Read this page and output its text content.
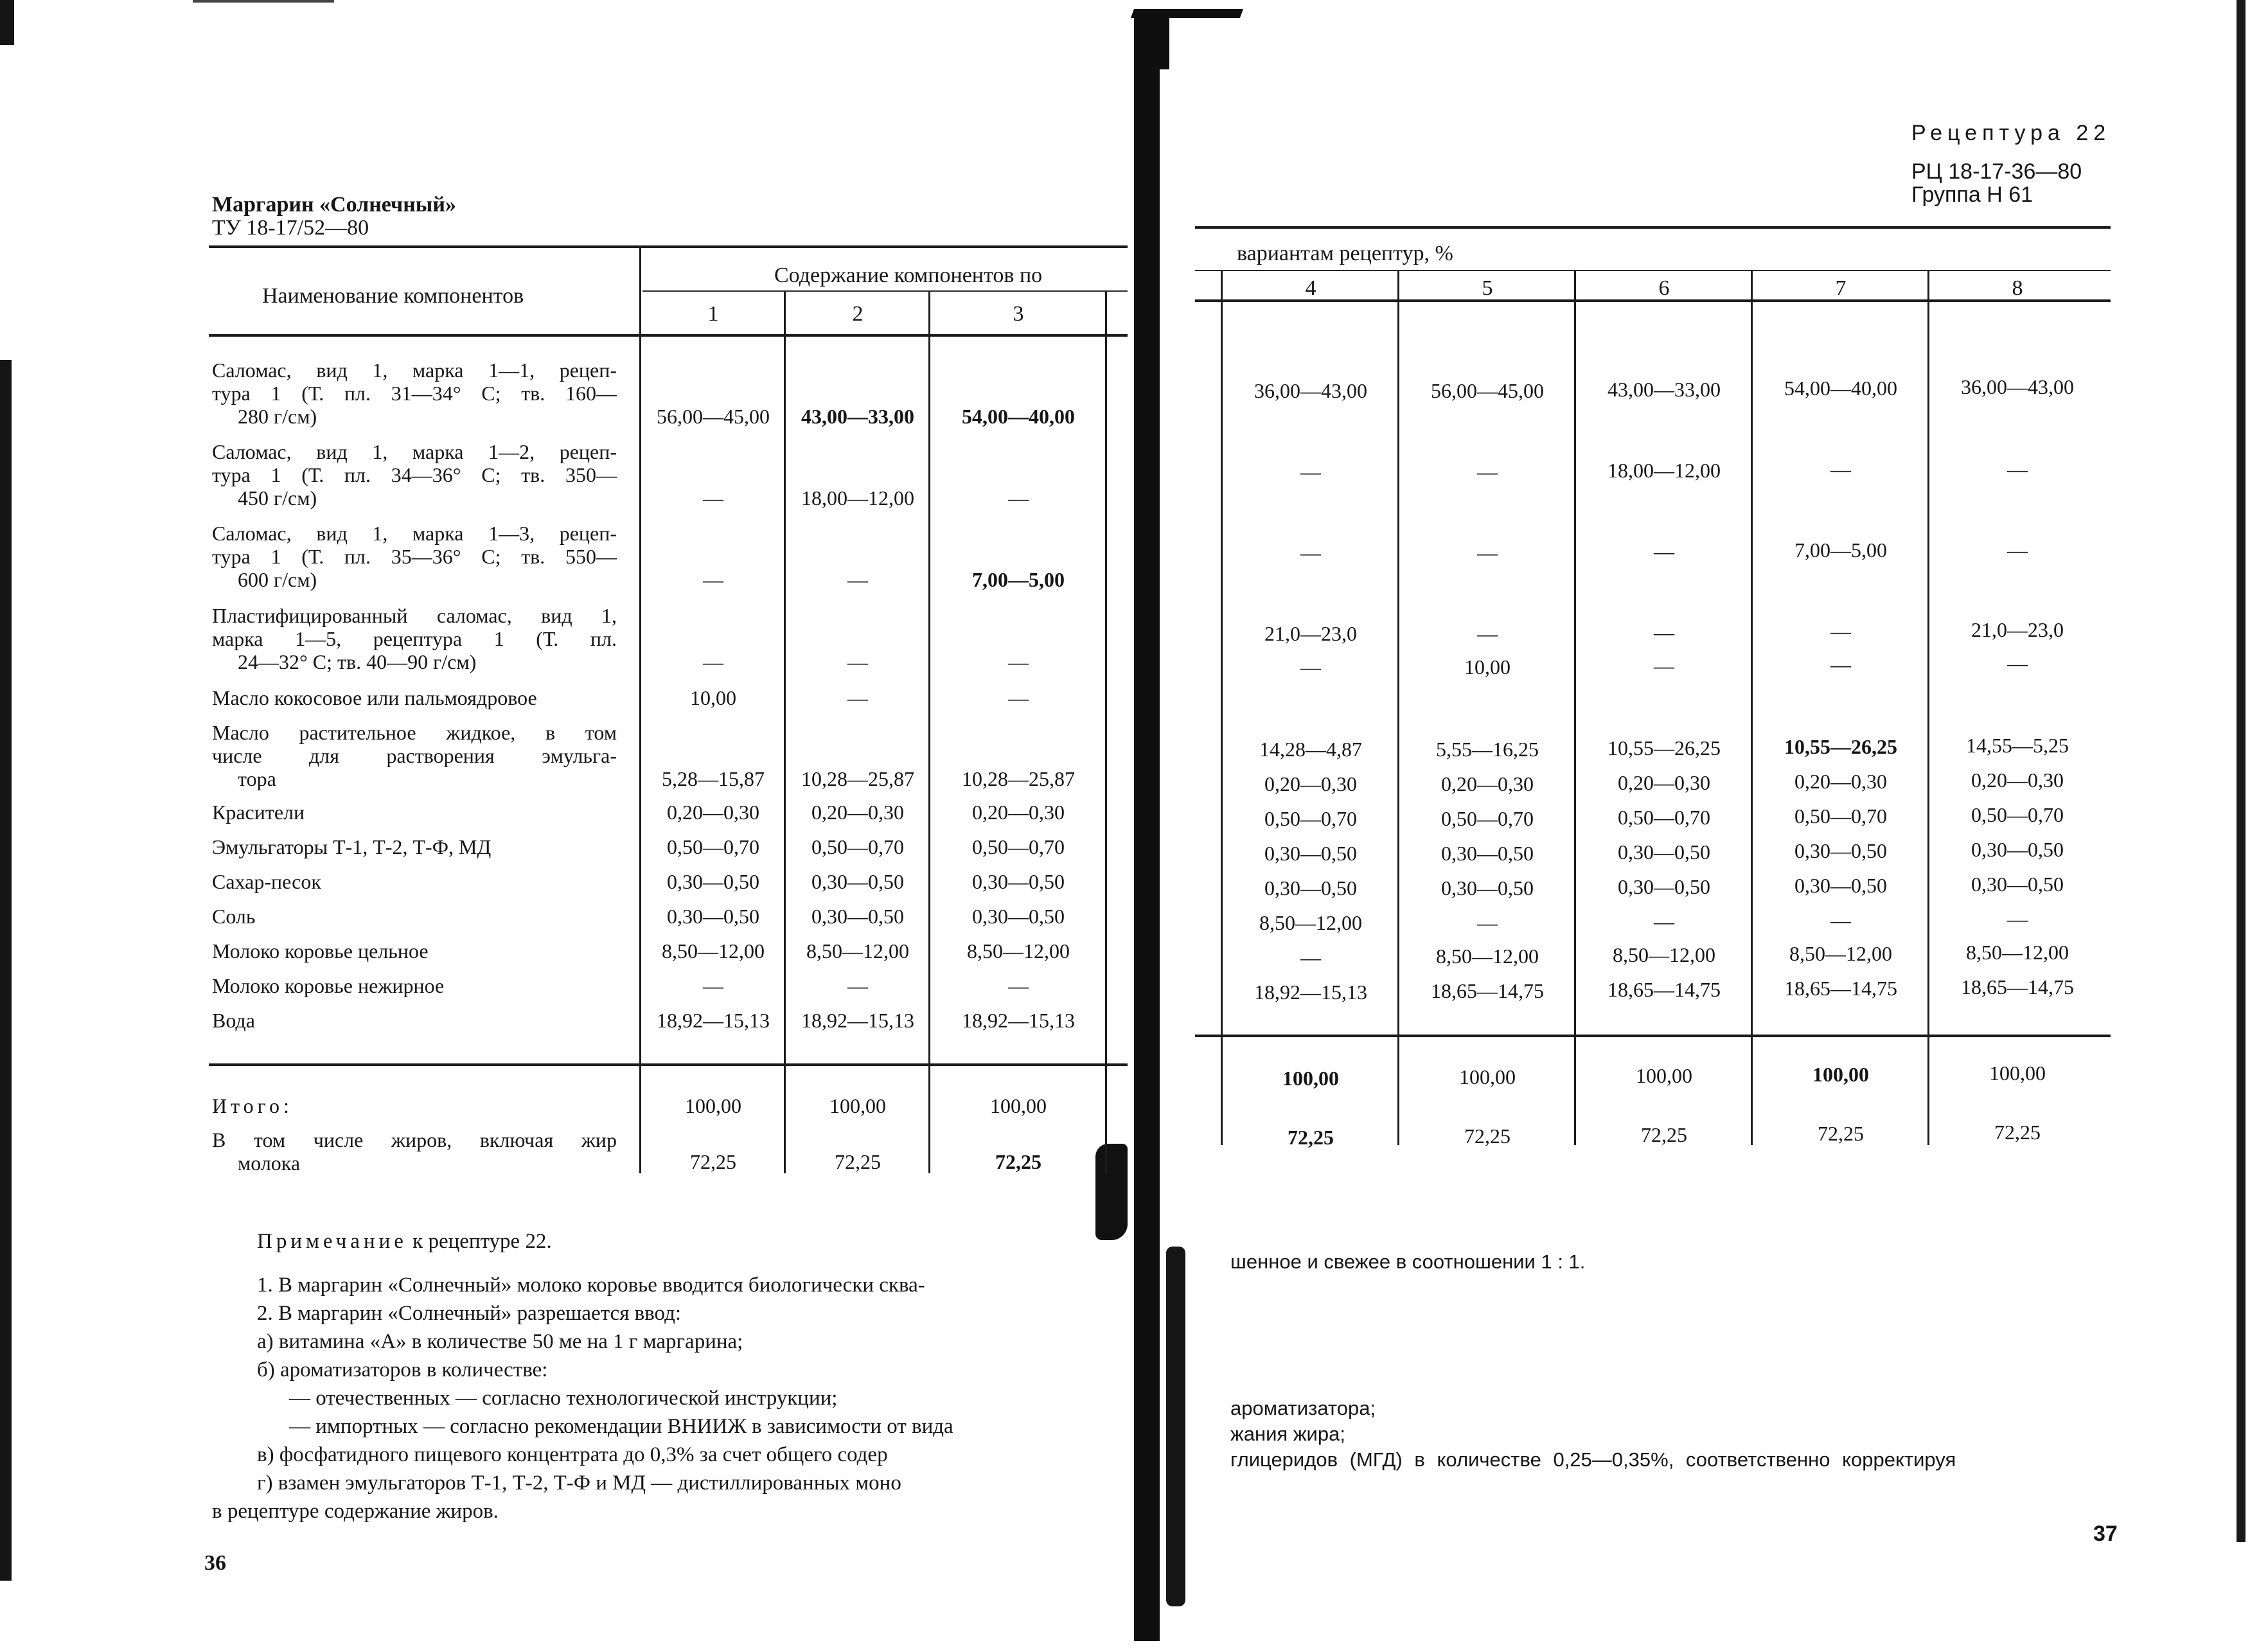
Маргарин «Солнечный»
ТУ 18-17/52—80
Наименование компонентов
Содержание компонентов по
1	2	3
Саломас, вид 1, марка 1—1, рецеп-
тура 1 (Т. пл. 31—34° С; тв. 160—
280 г/см)	56,00—45,00	43,00—33,00	54,00—40,00
Саломас, вид 1, марка 1—2, рецеп-
тура 1 (Т. пл. 34—36° С; тв. 350—
450 г/см)	—	18,00—12,00	—
Саломас, вид 1, марка 1—3, рецеп-
тура 1 (Т. пл. 35—36° С; тв. 550—
600 г/см)	—	—	7,00—5,00
Пластифицированный саломас, вид 1,
марка 1—5, рецептура 1 (Т. пл.
24—32° С; тв. 40—90 г/см)	—	—	—
Масло кокосовое или пальмоядровое	10,00	—	—
Масло растительное жидкое, в том
числе для растворения эмульга-
тора	5,28—15,87	10,28—25,87	10,28—25,87
Красители	0,20—0,30	0,20—0,30	0,20—0,30
Эмульгаторы Т-1, Т-2, Т-Ф, МД	0,50—0,70	0,50—0,70	0,50—0,70
Сахар-песок	0,30—0,50	0,30—0,50	0,30—0,50
Соль	0,30—0,50	0,30—0,50	0,30—0,50
Молоко коровье цельное	8,50—12,00	8,50—12,00	8,50—12,00
Молоко коровье нежирное	—	—	—
Вода	18,92—15,13	18,92—15,13	18,92—15,13
Итого:	100,00	100,00	100,00
В том числе жиров, включая жир
молока	72,25	72,25	72,25
Примечание к рецептуре 22.
1. В маргарин «Солнечный» молоко коровье вводится биологически сква-
2. В маргарин «Солнечный» разрешается ввод:
а) витамина «А» в количестве 50 ме на 1 г маргарина;
б) ароматизаторов в количестве:
— отечественных — согласно технологической инструкции;
— импортных — согласно рекомендации ВНИИЖ в зависимости от вида
в) фосфатидного пищевого концентрата до 0,3% за счет общего содер
г) взамен эмульгаторов Т-1, Т-2, Т-Ф и МД — дистиллированных моно
в рецептуре содержание жиров.
36
Рецептура 22
РЦ 18-17-36—80
Группа Н 61
вариантам рецептур, %
4	5	6	7	8
36,00—43,00	56,00—45,00	43,00—33,00	54,00—40,00	36,00—43,00
—	—	18,00—12,00	—	—
—	—	—	7,00—5,00	—
21,0—23,0	—	—	—	21,0—23,0
—	10,00	—	—	—
14,28—4,87	5,55—16,25	10,55—26,25	10,55—26,25	14,55—5,25
0,20—0,30	0,20—0,30	0,20—0,30	0,20—0,30	0,20—0,30
0,50—0,70	0,50—0,70	0,50—0,70	0,50—0,70	0,50—0,70
0,30—0,50	0,30—0,50	0,30—0,50	0,30—0,50	0,30—0,50
0,30—0,50	0,30—0,50	0,30—0,50	0,30—0,50	0,30—0,50
8,50—12,00	—	—	—	—
—	8,50—12,00	8,50—12,00	8,50—12,00	8,50—12,00
18,92—15,13	18,65—14,75	18,65—14,75	18,65—14,75	18,65—14,75
100,00	100,00	100,00	100,00	100,00
72,25	72,25	72,25	72,25	72,25
шенное и свежее в соотношении 1 : 1.
ароматизатора;
жания жира;
глицеридов (МГД) в количестве 0,25—0,35%, соответственно корректируя
37
